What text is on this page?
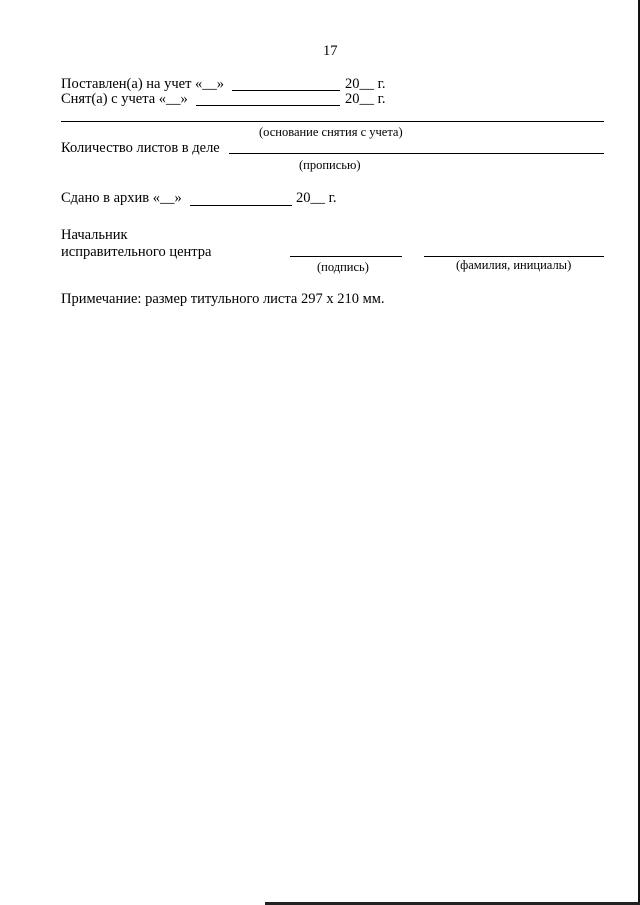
17
Поставлен(а) на учет «__»	20__ г.
Снят(а) с учета «__»	20__ г.
(основание снятия с учета)
Количество листов в деле
(прописью)
Сдано в архив «__»	20__ г.
Начальник
исправительного центра
(подпись)	(фамилия, инициалы)
Примечание: размер титульного листа 297 x 210 мм.
